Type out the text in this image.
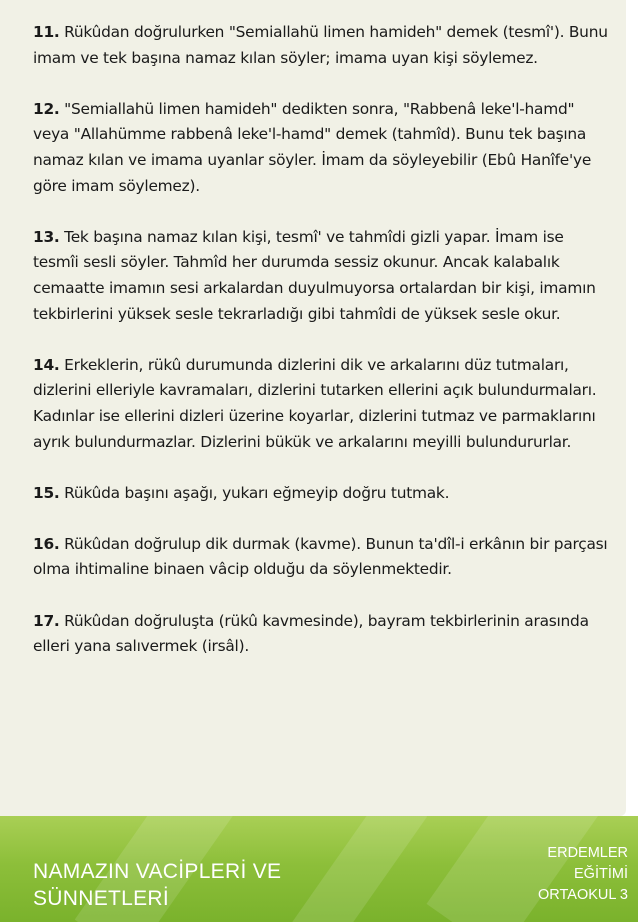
11. Rükûdan doğrulurken "Semiallahü limen hamideh" demek (tesmî'). Bunu imam ve tek başına namaz kılan söyler; imama uyan kişi söylemez.

12. "Semiallahü limen hamideh" dedikten sonra, "Rabbenâ leke'l-hamd" veya "Allahümme rabbenâ leke'l-hamd" demek (tahmîd). Bunu tek başına namaz kılan ve imama uyanlar söyler. İmam da söyleyebilir (Ebû Hanîfe'ye göre imam söylemez).

13. Tek başına namaz kılan kişi, tesmî' ve tahmîdi gizli yapar. İmam ise tesmîi sesli söyler. Tahmîd her durumda sessiz okunur. Ancak kalabalık cemaatte imamın sesi arkalardan duyulmuyorsa ortalardan bir kişi, imamın tekbirlerini yüksek sesle tekrarladığı gibi tahmîdi de yüksek sesle okur.

14. Erkeklerin, rükû durumunda dizlerini dik ve arkalarını düz tutmaları, dizlerini elleriyle kavramaları, dizlerini tutarken ellerini açık bulundurmaları. Kadınlar ise ellerini dizleri üzerine koyarlar, dizlerini tutmaz ve parmaklarını ayrık bulundurmazlar. Dizlerini bükük ve arkalarını meyilli bulundururlar.

15. Rükûda başını aşağı, yukarı eğmeyip doğru tutmak.

16. Rükûdan doğrulup dik durmak (kavme). Bunun ta'dîl-i erkânın bir parçası olma ihtimaline binaen vâcip olduğu da söylenmektedir.

17. Rükûdan doğruluşta (rükû kavmesinde), bayram tekbirlerinin arasında elleri yana salıvermek (irsâl).

NAMAZIN VACİPLERİ VE
SÜNNETLERİ
ERDEMLER
EĞİTİMİ
ORTAOKUL 3
